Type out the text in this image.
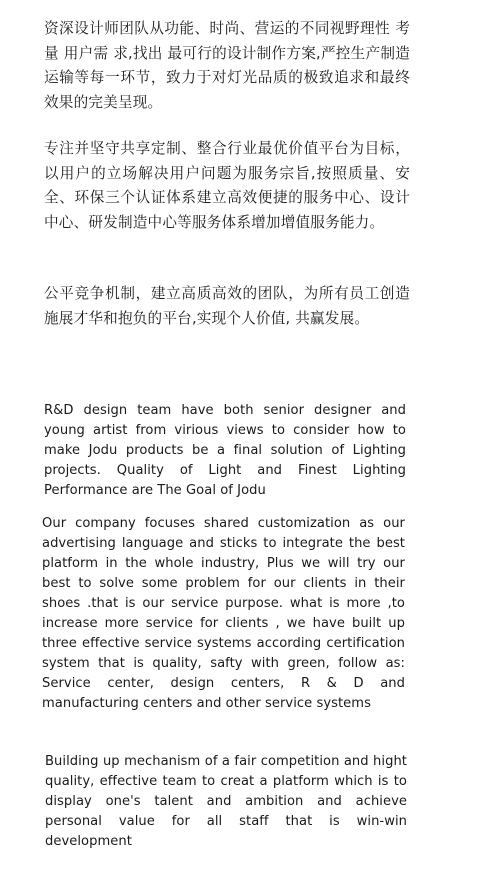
资深设计师团队从功能、时尚、营运的不同视野理性 考量 用户需 求,找出 最可行的设计制作方案,严控生产制造运输等每一环节，致力于对灯光品质的极致追求和最终效果的完美呈现。

专注并坚守共享定制、整合行业最优价值平台为目标，以用户的立场解决用户问题为服务宗旨,按照质量、安全、环保三个认证体系建立高效便捷的服务中心、设计中心、研发制造中心等服务体系增加增值服务能力。

公平竞争机制，建立高质高效的团队，为所有员工创造施展才华和抱负的平台,实现个人价值, 共赢发展。

R&D design team have both senior designer and young artist from virious views to consider how to make Jodu products be a final solution of Lighting projects. Quality of Light and Finest Lighting Performance are The Goal of Jodu

Our company focuses shared customization as our advertising language and sticks to integrate the best platform in the whole industry, Plus we will try our best to solve some problem for our clients in their shoes .that is our service purpose. what is more ,to increase more service for clients , we have built up three effective service systems according certification system that is quality, safty with green, follow as: Service center, design centers, R & D and manufacturing centers and other service systems

Building up mechanism of a fair competition and hight quality, effective team to creat a platform which is to display one's talent and ambition and achieve personal value for all staff that is win-win development
